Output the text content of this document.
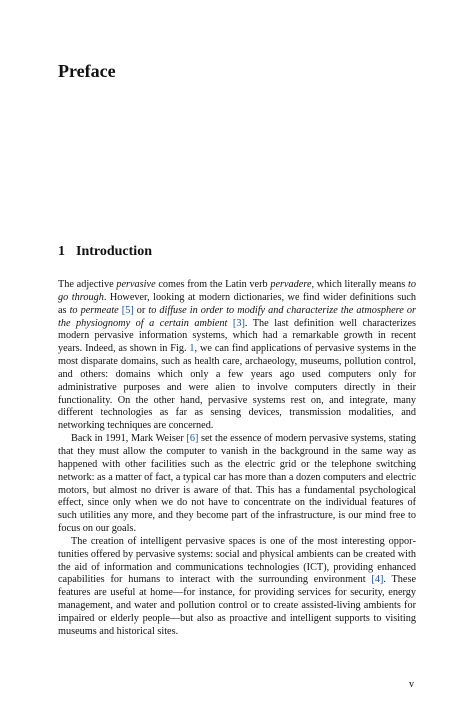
Preface
1 Introduction

The adjective pervasive comes from the Latin verb pervadere, which literally means to go through. However, looking at modern dictionaries, we find wider definitions such as to permeate [5] or to diffuse in order to modify and characterize the atmosphere or the physiognomy of a certain ambient [3]. The last definition well characterizes modern pervasive information systems, which had a remarkable growth in recent years. Indeed, as shown in Fig. 1, we can find applications of pervasive systems in the most disparate domains, such as health care, archaeology, museums, pollution control, and others: domains which only a few years ago used computers only for administrative purposes and were alien to involve computers directly in their functionality. On the other hand, pervasive systems rest on, and integrate, many different technologies as far as sensing devices, transmission modalities, and networking techniques are concerned.

Back in 1991, Mark Weiser [6] set the essence of modern pervasive systems, stating that they must allow the computer to vanish in the background in the same way as happened with other facilities such as the electric grid or the telephone switching network: as a matter of fact, a typical car has more than a dozen computers and electric motors, but almost no driver is aware of that. This has a fundamental psychological effect, since only when we do not have to concentrate on the individual features of such utilities any more, and they become part of the infrastructure, is our mind free to focus on our goals.

The creation of intelligent pervasive spaces is one of the most interesting opportunities offered by pervasive systems: social and physical ambients can be created with the aid of information and communications technologies (ICT), providing enhanced capabilities for humans to interact with the surrounding environment [4]. These features are useful at home—for instance, for providing services for security, energy management, and water and pollution control or to create assisted-living ambients for impaired or elderly people—but also as proactive and intelligent supports to visiting museums and historical sites.

v
